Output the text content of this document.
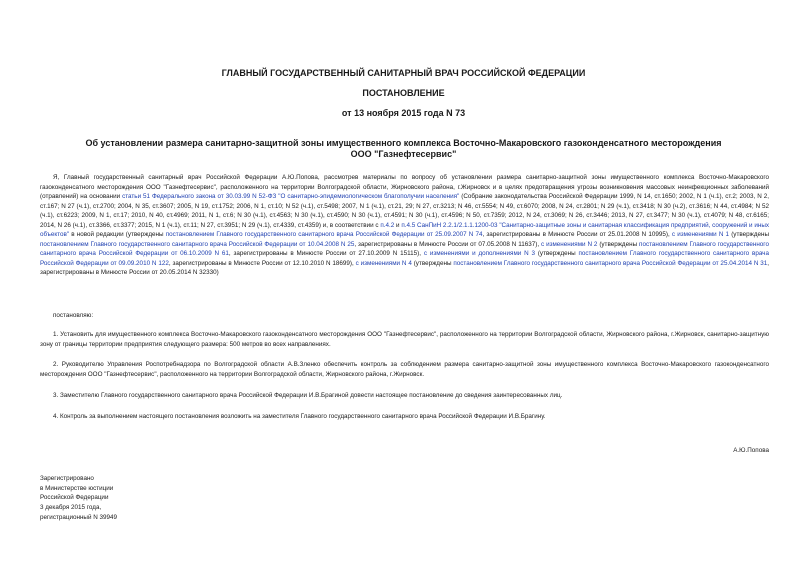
ГЛАВНЫЙ ГОСУДАРСТВЕННЫЙ САНИТАРНЫЙ ВРАЧ РОССИЙСКОЙ ФЕДЕРАЦИИ
ПОСТАНОВЛЕНИЕ
от 13 ноября 2015 года N 73
Об установлении размера санитарно-защитной зоны имущественного комплекса Восточно-Макаровского газоконденсатного месторождения ООО "Газнефтесервис"

Я, Главный государственный санитарный врач Российской Федерации А.Ю.Попова, рассмотрев материалы по вопросу об установлении размера санитарно-защитной зоны имущественного комплекса Восточно-Макаровского газоконденсатного месторождения ООО "Газнефтесервис", расположенного на территории Волгоградской области, Жирновского района, г.Жирновск и в целях предотвращения угрозы возникновения массовых неинфекционных заболеваний (отравлений) на основании статьи 51 Федерального закона от 30.03.99 N 52-ФЗ "О санитарно-эпидемиологическом благополучии населения" (Собрание законодательства Российской Федерации 1999, N 14, ст.1650; 2002, N 1 (ч.1), ст.2; 2003, N 2, ст.167; N 27 (ч.1), ст.2700; 2004, N 35, ст.3607; 2005, N 19, ст.1752; 2006, N 1, ст.10; N 52 (ч.1), ст.5498; 2007, N 1 (ч.1), ст.21, 29; N 27, ст.3213; N 46, ст.5554; N 49, ст.6070; 2008, N 24, ст.2801; N 29 (ч.1), ст.3418; N 30 (ч.2), ст.3616; N 44, ст.4984; N 52 (ч.1), ст.6223; 2009, N 1, ст.17; 2010, N 40, ст.4969; 2011, N 1, ст.6; N 30 (ч.1), ст.4563; N 30 (ч.1), ст.4590; N 30 (ч.1), ст.4591; N 30 (ч.1), ст.4596; N 50, ст.7359; 2012, N 24, ст.3069; N 26, ст.3446; 2013, N 27, ст.3477; N 30 (ч.1), ст.4079; N 48, ст.6165; 2014, N 26 (ч.1), ст.3366, ст.3377; 2015, N 1 (ч.1), ст.11; N 27, ст.3951; N 29 (ч.1), ст.4339, ст.4359) и, в соответствии с п.4.2 и п.4.5 СанПиН 2.2.1/2.1.1.1200-03 "Санитарно-защитные зоны и санитарная классификация предприятий, сооружений и иных объектов" в новой редакции (утверждены постановлением Главного государственного санитарного врача Российской Федерации от 25.09.2007 N 74, зарегистрированы в Минюсте России от 25.01.2008 N 10995), с изменениями N 1 (утверждены постановлением Главного государственного санитарного врача Российской Федерации от 10.04.2008 N 25, зарегистрированы в Минюсте России от 07.05.2008 N 11637), с изменениями N 2 (утверждены постановлением Главного государственного санитарного врача Российской Федерации от 06.10.2009 N 61, зарегистрированы в Минюсте России от 27.10.2009 N 15115), с изменениями и дополнениями N 3 (утверждены постановлением Главного государственного санитарного врача Российской Федерации от 09.09.2010 N 122, зарегистрированы в Минюсте России от 12.10.2010 N 18699), с изменениями N 4 (утверждены постановлением Главного государственного санитарного врача Российской Федерации от 25.04.2014 N 31, зарегистрированы в Минюсте России от 20.05.2014 N 32330)

постановляю:

1. Установить для имущественного комплекса Восточно-Макаровского газоконденсатного месторождения ООО "Газнефтесервис", расположенного на территории Волгоградской области, Жирновского района, г.Жирновск, санитарно-защитную зону от границы территории предприятия следующего размера: 500 метров во всех направлениях.

2. Руководителю Управления Роспотребнадзора по Волгоградской области А.В.Зленко обеспечить контроль за соблюдением размера санитарно-защитной зоны имущественного комплекса Восточно-Макаровского газоконденсатного месторождения ООО "Газнефтесервис", расположенного на территории Волгоградской области, Жирновского района, г.Жирновск.

3. Заместителю Главного государственного санитарного врача Российской Федерации И.В.Брагиной довести настоящее постановление до сведения заинтересованных лиц.

4. Контроль за выполнением настоящего постановления возложить на заместителя Главного государственного санитарного врача Российской Федерации И.В.Брагину.

А.Ю.Попова
Зарегистрировано
в Министерстве юстиции
Российской Федерации
3 декабря 2015 года,
регистрационный N 39949
